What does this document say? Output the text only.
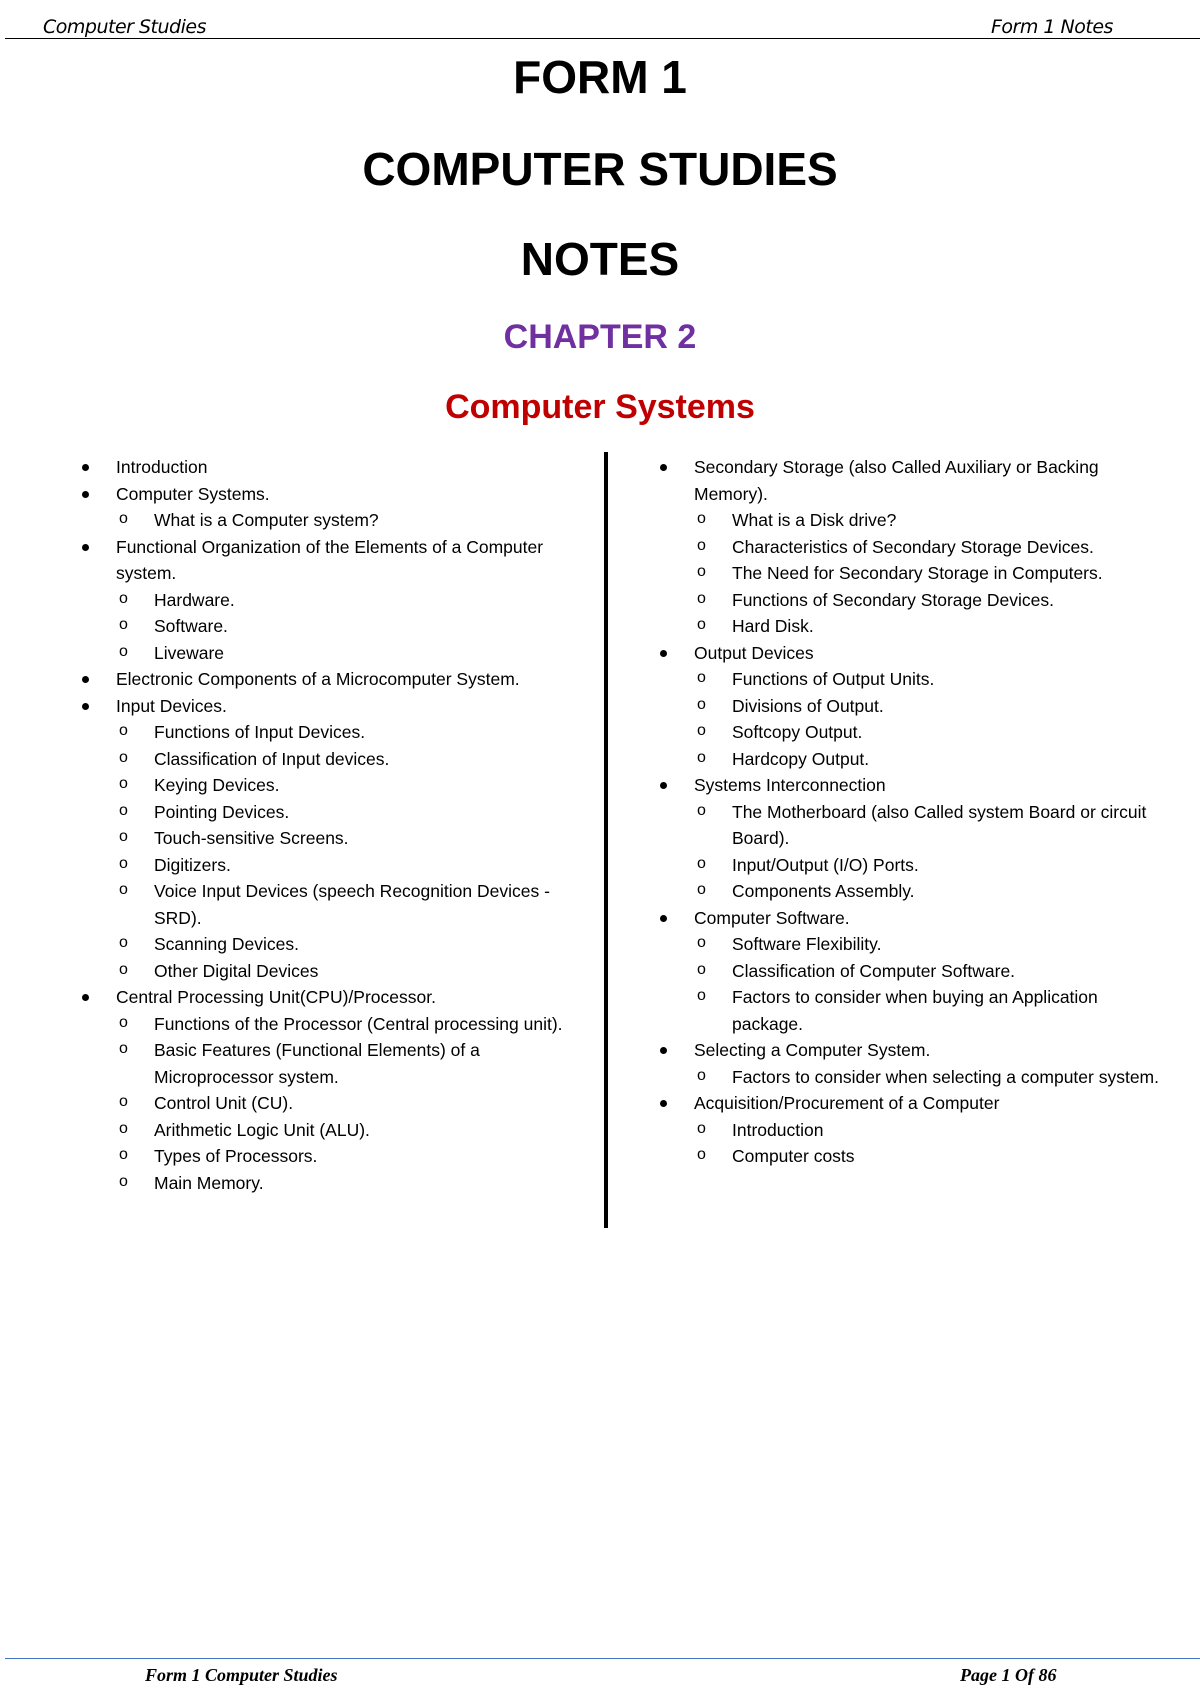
Computer Studies	Form 1 Notes
FORM 1
COMPUTER STUDIES
NOTES
CHAPTER 2
Computer Systems
Introduction
Computer Systems.
o What is a Computer system?
Functional Organization of the Elements of a Computer system.
o Hardware.
o Software.
o Liveware
Electronic Components of a Microcomputer System.
Input Devices.
o Functions of Input Devices.
o Classification of Input devices.
o Keying Devices.
o Pointing Devices.
o Touch-sensitive Screens.
o Digitizers.
o Voice Input Devices (speech Recognition Devices - SRD).
o Scanning Devices.
o Other Digital Devices
Central Processing Unit(CPU)/Processor.
o Functions of the Processor (Central processing unit).
o Basic Features (Functional Elements) of a Microprocessor system.
o Control Unit (CU).
o Arithmetic Logic Unit (ALU).
o Types of Processors.
o Main Memory.
Secondary Storage (also Called Auxiliary or Backing Memory).
o What is a Disk drive?
o Characteristics of Secondary Storage Devices.
o The Need for Secondary Storage in Computers.
o Functions of Secondary Storage Devices.
o Hard Disk.
Output Devices
o Functions of Output Units.
o Divisions of Output.
o Softcopy Output.
o Hardcopy Output.
Systems Interconnection
o The Motherboard (also Called system Board or circuit Board).
o Input/Output (I/O) Ports.
o Components Assembly.
Computer Software.
o Software Flexibility.
o Classification of Computer Software.
o Factors to consider when buying an Application package.
Selecting a Computer System.
o Factors to consider when selecting a computer system.
Acquisition/Procurement of a Computer
o Introduction
o Computer costs
Form 1 Computer Studies	Page 1 Of 86
